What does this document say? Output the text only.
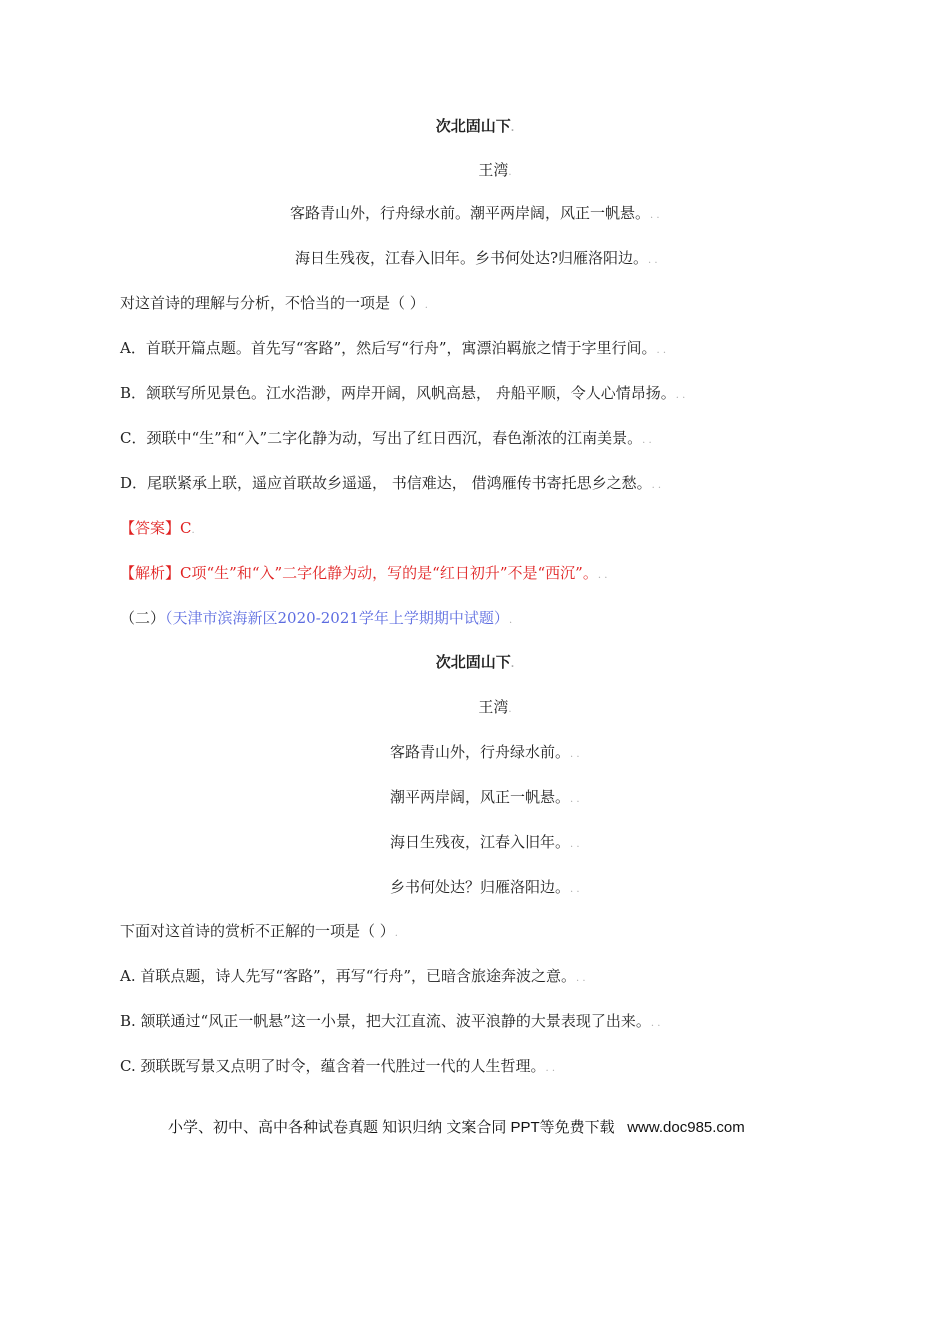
次北固山下.
王湾.
客路青山外，行舟绿水前。潮平两岸阔，风正一帆悬。. .
海日生残夜，江春入旧年。乡书何处达?归雁洛阳边。. .
对这首诗的理解与分析，不恰当的一项是（ ）.
A．首联开篇点题。首先写“客路”，然后写“行舟”，寓漂泊羁旅之情于字里行间。. .
B．颔联写所见景色。江水浩渺，两岸开阔，风帆高悬， 舟船平顺，令人心情昂扬。. .
C．颈联中“生”和“入”二字化静为动，写出了红日西沉，春色渐浓的江南美景。. .
D．尾联紧承上联，遥应首联故乡遥遥， 书信难达， 借鸿雁传书寄托思乡之愁。. .
【答案】C.
【解析】C项“生”和“入”二字化静为动，写的是“红日初升”不是“西沉”。. .
（二）（天津市滨海新区2020-2021学年上学期期中试题）.
次北固山下.
王湾.
客路青山外，行舟绿水前。. .
潮平两岸阔，风正一帆悬。. .
海日生残夜，江春入旧年。. .
乡书何处达？归雁洛阳边。. .
下面对这首诗的赏析不正解的一项是（ ）.
A. 首联点题，诗人先写“客路”，再写“行舟”，已暗含旅途奔波之意。. .
B. 颔联通过“风正一帆悬”这一小景，把大江直流、波平浪静的大景表现了出来。. .
C. 颈联既写景又点明了时令，蕴含着一代胜过一代的人生哲理。. .
小学、初中、高中各种试卷真题 知识归纳 文案合同 PPT等免费下载 www.doc985.com
